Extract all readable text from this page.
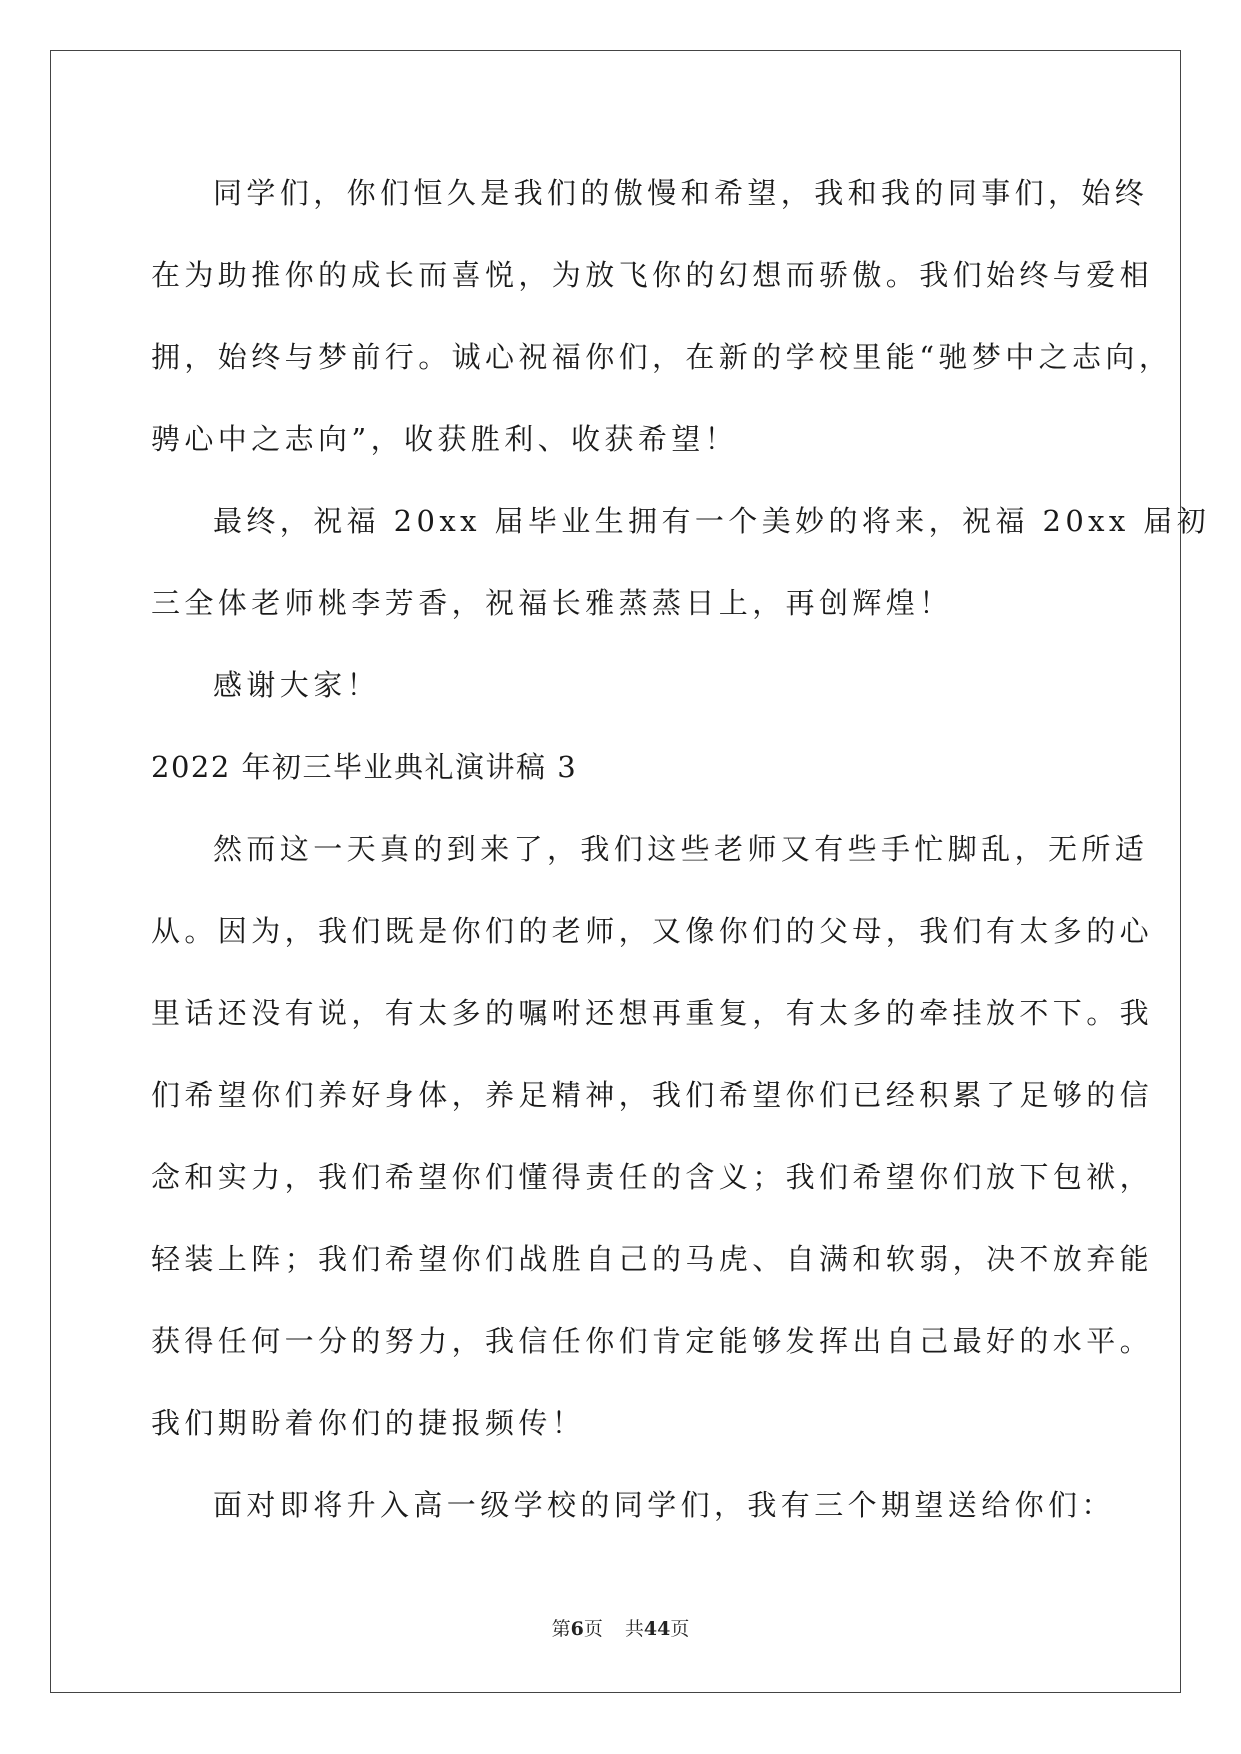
同学们，你们恒久是我们的傲慢和希望，我和我的同事们，始终
在为助推你的成长而喜悦，为放飞你的幻想而骄傲。我们始终与爱相
拥，始终与梦前行。诚心祝福你们，在新的学校里能“驰梦中之志向，
骋心中之志向”，收获胜利、收获希望！
最终，祝福 20xx 届毕业生拥有一个美妙的将来，祝福 20xx 届初
三全体老师桃李芳香，祝福长雅蒸蒸日上，再创辉煌！
感谢大家！
2022 年初三毕业典礼演讲稿 3
然而这一天真的到来了，我们这些老师又有些手忙脚乱，无所适
从。因为，我们既是你们的老师，又像你们的父母，我们有太多的心
里话还没有说，有太多的嘱咐还想再重复，有太多的牵挂放不下。我
们希望你们养好身体，养足精神，我们希望你们已经积累了足够的信
念和实力，我们希望你们懂得责任的含义；我们希望你们放下包袱，
轻装上阵；我们希望你们战胜自己的马虎、自满和软弱，决不放弃能
获得任何一分的努力，我信任你们肯定能够发挥出自己最好的水平。
我们期盼着你们的捷报频传！
面对即将升入高一级学校的同学们，我有三个期望送给你们：
第6页 共44页
